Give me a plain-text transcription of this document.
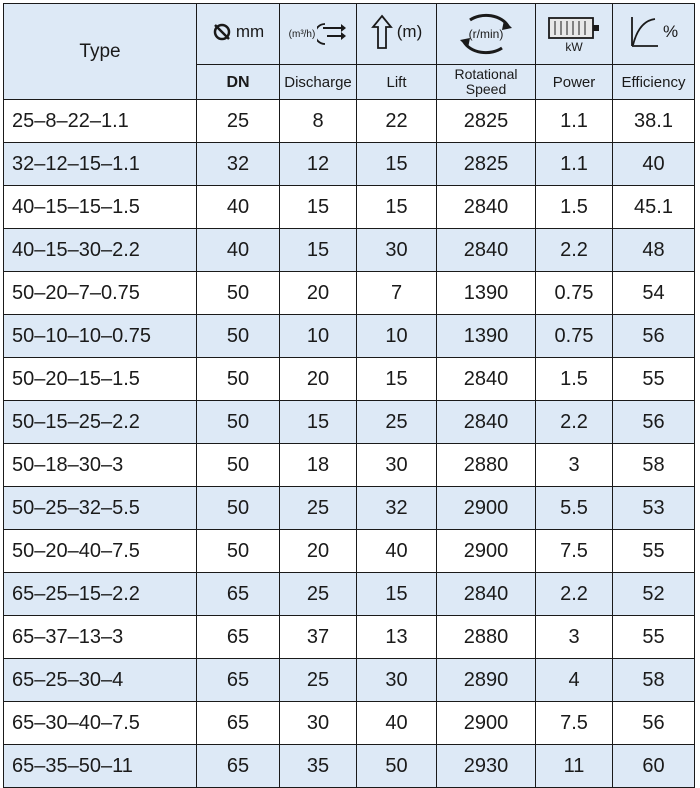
Type	mm	(m³/h)	(m)	(r/min)	kW	%

	DN	Discharge	Lift	Rotational Speed	Power	Efficiency
25–8–22–1.1	25	8	22	2825	1.1	38.1
32–12–15–1.1	32	12	15	2825	1.1	40
40–15–15–1.5	40	15	15	2840	1.5	45.1
40–15–30–2.2	40	15	30	2840	2.2	48
50–20–7–0.75	50	20	7	1390	0.75	54
50–10–10–0.75	50	10	10	1390	0.75	56
50–20–15–1.5	50	20	15	2840	1.5	55
50–15–25–2.2	50	15	25	2840	2.2	56
50–18–30–3	50	18	30	2880	3	58
50–25–32–5.5	50	25	32	2900	5.5	53
50–20–40–7.5	50	20	40	2900	7.5	55
65–25–15–2.2	65	25	15	2840	2.2	52
65–37–13–3	65	37	13	2880	3	55
65–25–30–4	65	25	30	2890	4	58
65–30–40–7.5	65	30	40	2900	7.5	56
65–35–50–11	65	35	50	2930	11	60
